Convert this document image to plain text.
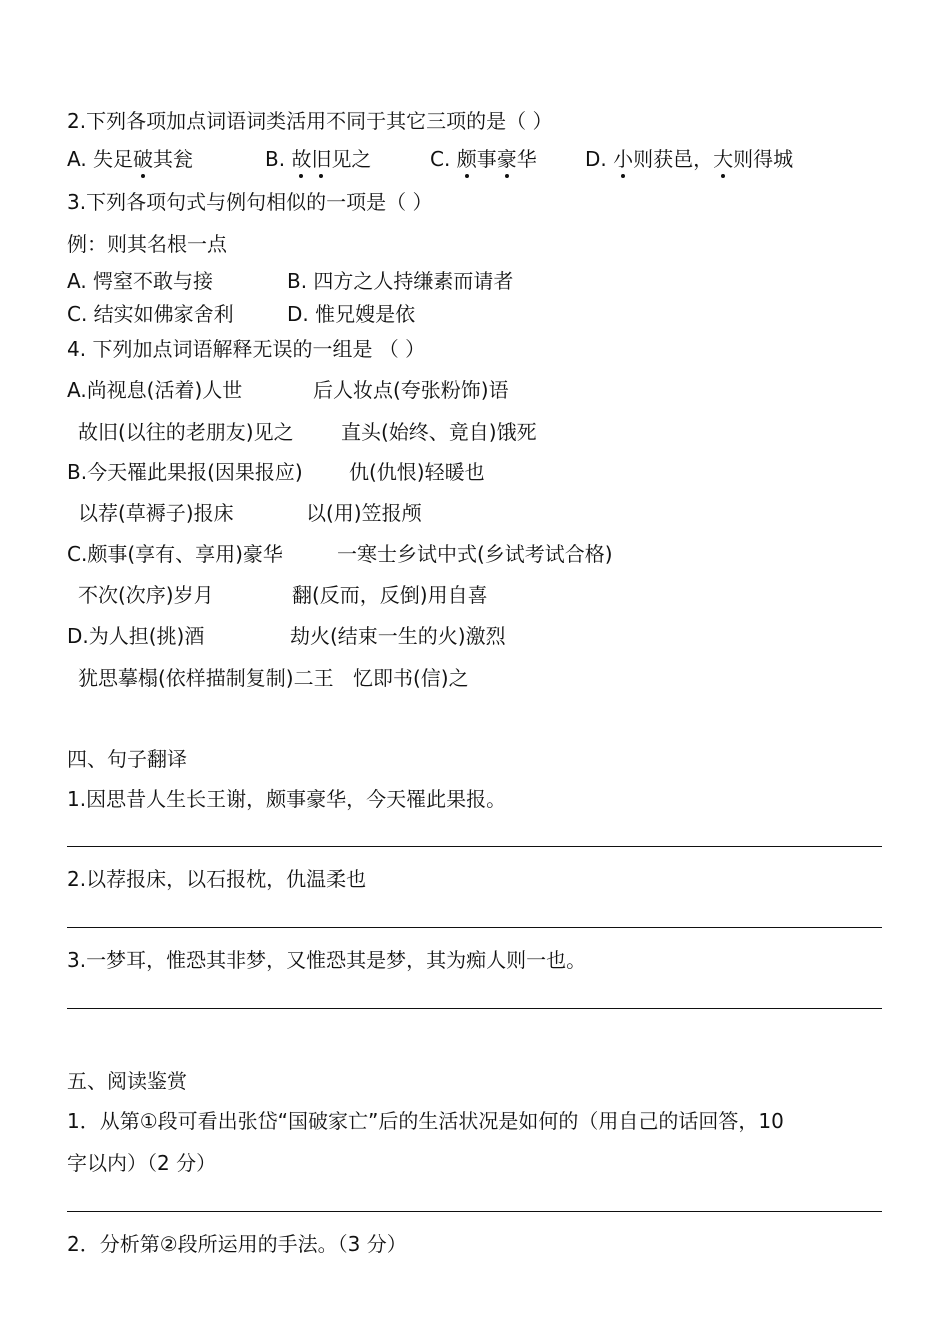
2.下列各项加点词语词类活用不同于其它三项的是（ ）
A. 失足破其瓮	B. 故旧见之	C. 颇事豪华 D. 小则获邑，大则得城
3.下列各项句式与例句相似的一项是（ ）
例：则其名根一点
A. 愕窒不敢与接	B. 四方之人持缣素而请者
C. 结实如佛家舍利	D. 惟兄嫂是依
4. 下列加点词语解释无误的一组是 （ ）
A.尚视息(活着)人世	后人妆点(夸张粉饰)语
故旧(以往的老朋友)见之 直头(始终、竟自)饿死
B.今天罹此果报(因果报应) 仇(仇恨)轻暖也
以荐(草褥子)报床	以(用)笠报颅
C.颇事(享有、享用)豪华	一寒士乡试中式(乡试考试合格)
不次(次序)岁月	翻(反而，反倒)用自喜
D.为人担(挑)酒	劫火(结束一生的火)激烈
犹思摹榻(依样描制复制)二王 忆即书(信)之
四、句子翻译
1.因思昔人生长王谢，颇事豪华，今天罹此果报。
2.以荐报床，以石报枕，仇温柔也
3.一梦耳，惟恐其非梦，又惟恐其是梦，其为痴人则一也。
五、阅读鉴赏
1．从第①段可看出张岱“国破家亡”后的生活状况是如何的（用自己的话回答，10
字以内）（2 分）
2．分析第②段所运用的手法。（3 分）
